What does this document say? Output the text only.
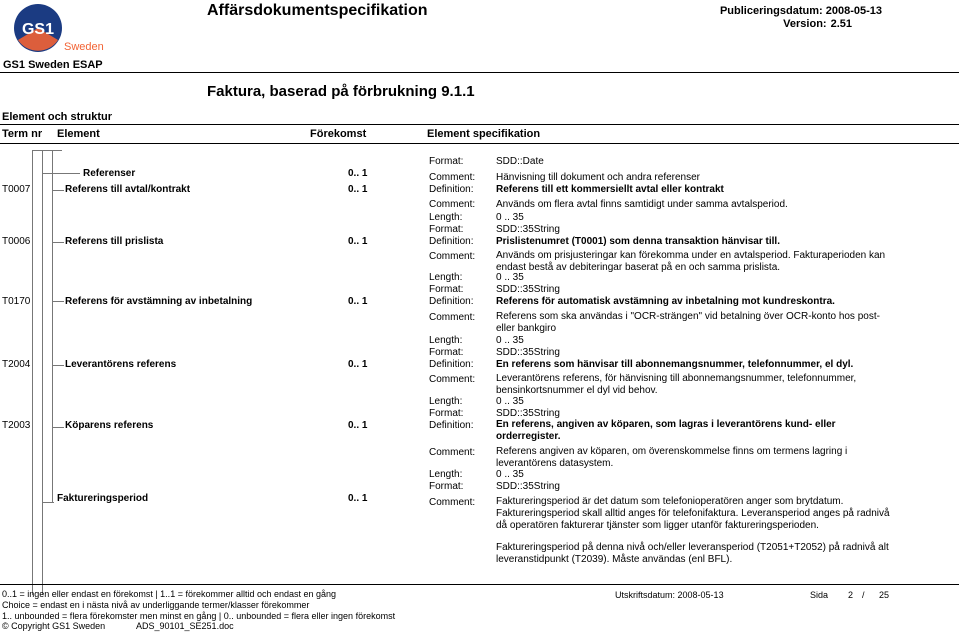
GS1
Sweden
Affärsdokumentspecifikation	Publiceringsdatum: 2008-05-13
Version: 2.51
GS1 Sweden ESAP
Faktura, baserad på förbrukning 9.1.1
Element och struktur
Term nr Element	Förekomst	Element specifikation
Format:	SDD::Date
Referenser	0.. 1	Comment: Hänvisning till dokument och andra referenser
T0007	Referens till avtal/kontrakt	0.. 1	Definition: Referens till ett kommersiellt avtal eller kontrakt
Comment: Används om flera avtal finns samtidigt under samma avtalsperiod.
Length:	0 .. 35
Format:	SDD::35String
T0006	Referens till prislista	0.. 1	Definition: Prislistenumret (T0001) som denna transaktion hänvisar till.
Comment: Används om prisjusteringar kan förekomma under en avtalsperiod. Fakturaperioden kan endast bestå av debiteringar baserat på en och samma prislista.
Length:	0 .. 35
Format:	SDD::35String
T0170	Referens för avstämning av inbetalning	0.. 1	Definition: Referens för automatisk avstämning av inbetalning mot kundreskontra.
Comment: Referens som ska användas i "OCR-strängen" vid betalning över OCR-konto hos post- eller bankgiro
Length:	0 .. 35
Format:	SDD::35String
T2004	Leverantörens referens	0.. 1	Definition: En referens som hänvisar till abonnemangsnummer, telefonnummer, el dyl.
Comment: Leverantörens referens, för hänvisning till abonnemangsnummer, telefonnummer, bensinkortsnummer el dyl vid behov.
Length:	0 .. 35
Format:	SDD::35String
T2003	Köparens referens	0.. 1	Definition: En referens, angiven av köparen, som lagras i leverantörens kund- eller orderregister.
Comment: Referens angiven av köparen, om överenskommelse finns om termens lagring i leverantörens datasystem.
Length:	0 .. 35
Format:	SDD::35String
Faktureringsperiod	0.. 1	Comment: Faktureringsperiod är det datum som telefonioperatören anger som brytdatum. Faktureringsperiod skall alltid anges för telefonifaktura. Leveransperiod anges på radnivå då operatören fakturerar tjänster som ligger utanför faktureringsperioden.
Faktureringsperiod på denna nivå och/eller leveransperiod (T2051+T2052) på radnivå alt leveranstidpunkt (T2039). Måste användas (enl BFL).
0..1 = ingen eller endast en förekomst | 1..1 = förekommer alltid och endast en gång
Choice = endast en i nästa nivå av underliggande termer/klasser förekommer
1.. unbounded = flera förekomster men minst en gång | 0.. unbounded = flera eller ingen förekomst
© Copyright GS1 Sweden	ADS_90101_SE251.doc
Utskriftsdatum: 2008-05-13	Sida 2 / 25
